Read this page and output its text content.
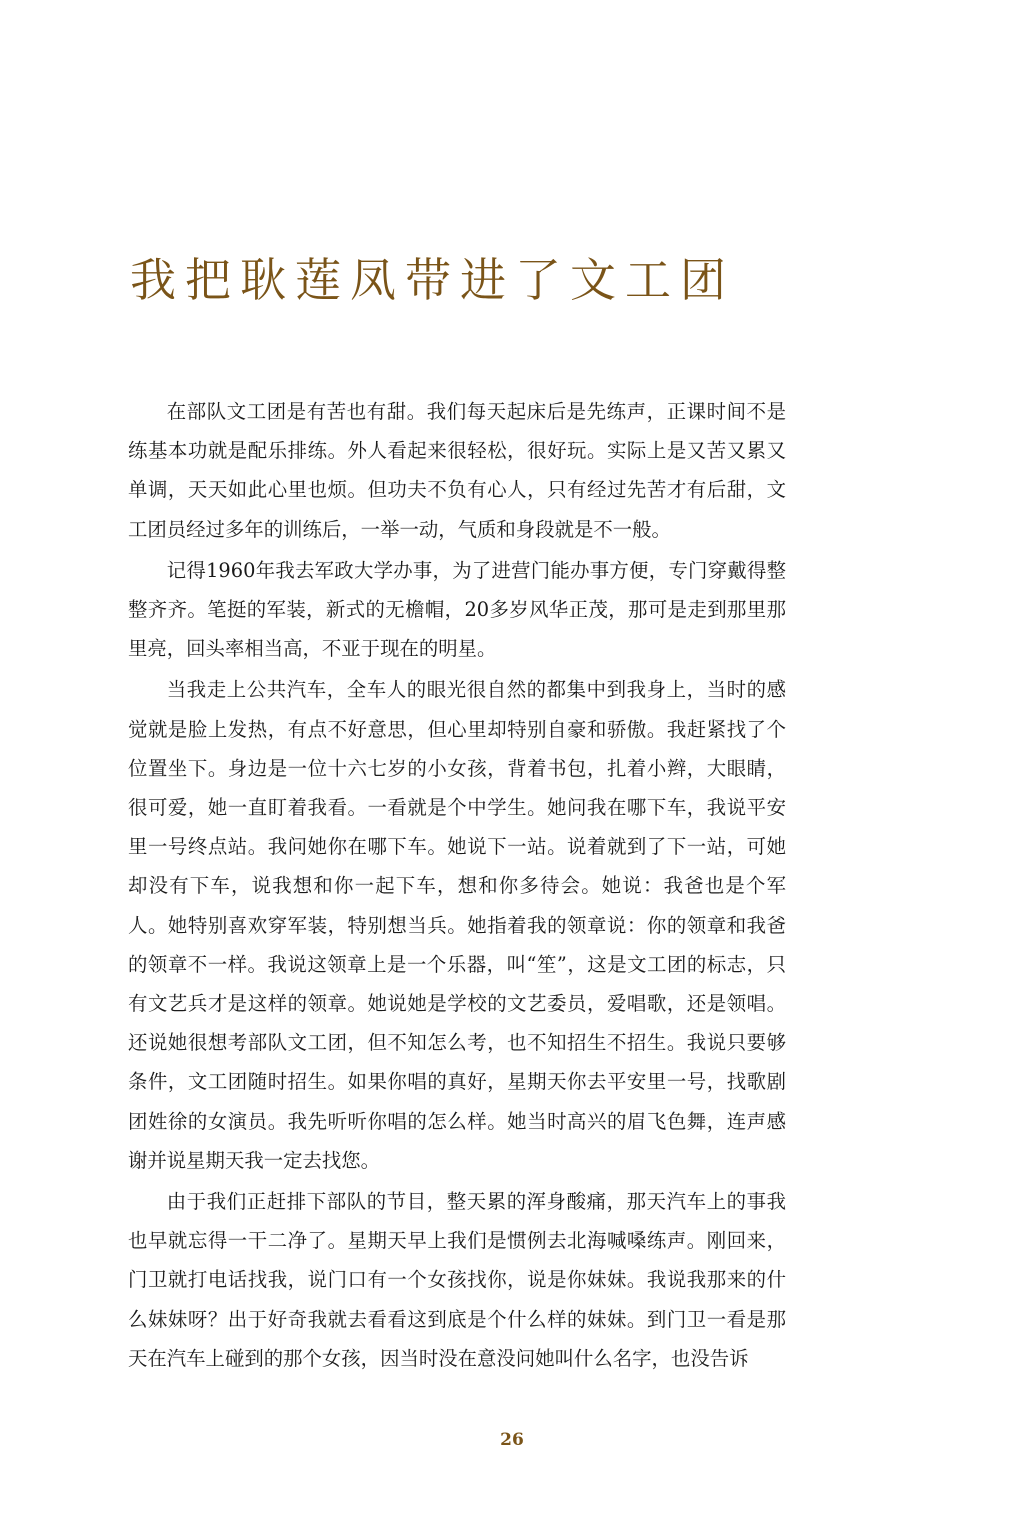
我把耿莲凤带进了文工团

在部队文工团是有苦也有甜。我们每天起床后是先练声，正课时间不是练基本功就是配乐排练。外人看起来很轻松，很好玩。实际上是又苦又累又单调，天天如此心里也烦。但功夫不负有心人，只有经过先苦才有后甜，文工团员经过多年的训练后，一举一动，气质和身段就是不一般。

记得1960年我去军政大学办事，为了进营门能办事方便，专门穿戴得整整齐齐。笔挺的军装，新式的无檐帽，20多岁风华正茂，那可是走到那里那里亮，回头率相当高，不亚于现在的明星。

当我走上公共汽车，全车人的眼光很自然的都集中到我身上，当时的感觉就是脸上发热，有点不好意思，但心里却特别自豪和骄傲。我赶紧找了个位置坐下。身边是一位十六七岁的小女孩，背着书包，扎着小辫，大眼睛，很可爱，她一直盯着我看。一看就是个中学生。她问我在哪下车，我说平安里一号终点站。我问她你在哪下车。她说下一站。说着就到了下一站，可她却没有下车，说我想和你一起下车，想和你多待会。她说：我爸也是个军人。她特别喜欢穿军装，特别想当兵。她指着我的领章说：你的领章和我爸的领章不一样。我说这领章上是一个乐器，叫“笙”，这是文工团的标志，只有文艺兵才是这样的领章。她说她是学校的文艺委员，爱唱歌，还是领唱。还说她很想考部队文工团，但不知怎么考，也不知招生不招生。我说只要够条件，文工团随时招生。如果你唱的真好，星期天你去平安里一号，找歌剧团姓徐的女演员。我先听听你唱的怎么样。她当时高兴的眉飞色舞，连声感谢并说星期天我一定去找您。

由于我们正赶排下部队的节目，整天累的浑身酸痛，那天汽车上的事我也早就忘得一干二净了。星期天早上我们是惯例去北海喊嗓练声。刚回来，门卫就打电话找我，说门口有一个女孩找你，说是你妹妹。我说我那来的什么妹妹呀？出于好奇我就去看看这到底是个什么样的妹妹。到门卫一看是那天在汽车上碰到的那个女孩，因当时没在意没问她叫什么名字，也没告诉

26
